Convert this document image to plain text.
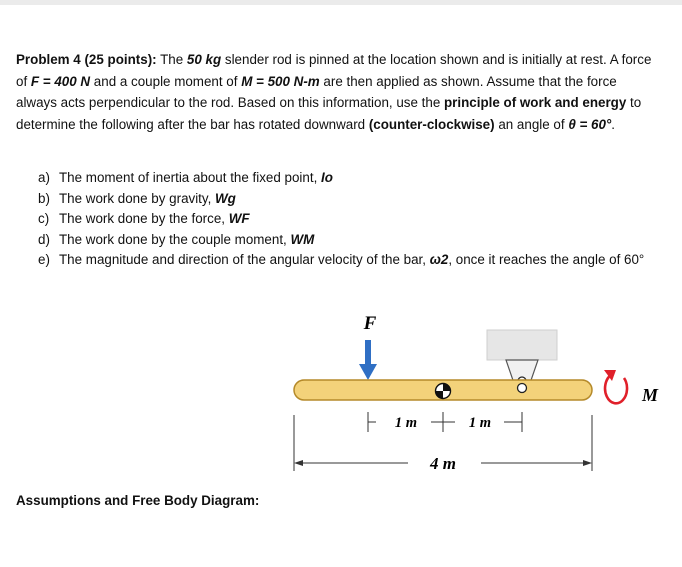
Problem 4 (25 points): The 50 kg slender rod is pinned at the location shown and is initially at rest. A force of F = 400 N and a couple moment of M = 500 N-m are then applied as shown. Assume that the force always acts perpendicular to the rod. Based on this information, use the principle of work and energy to determine the following after the bar has rotated downward (counter-clockwise) an angle of θ = 60°.
a) The moment of inertia about the fixed point, Io
b) The work done by gravity, Wg
c) The work done by the force, WF
d) The work done by the couple moment, WM
e) The magnitude and direction of the angular velocity of the bar, ω2, once it reaches the angle of 60°
F
M
1 m	1 m
4 m
Assumptions and Free Body Diagram:
